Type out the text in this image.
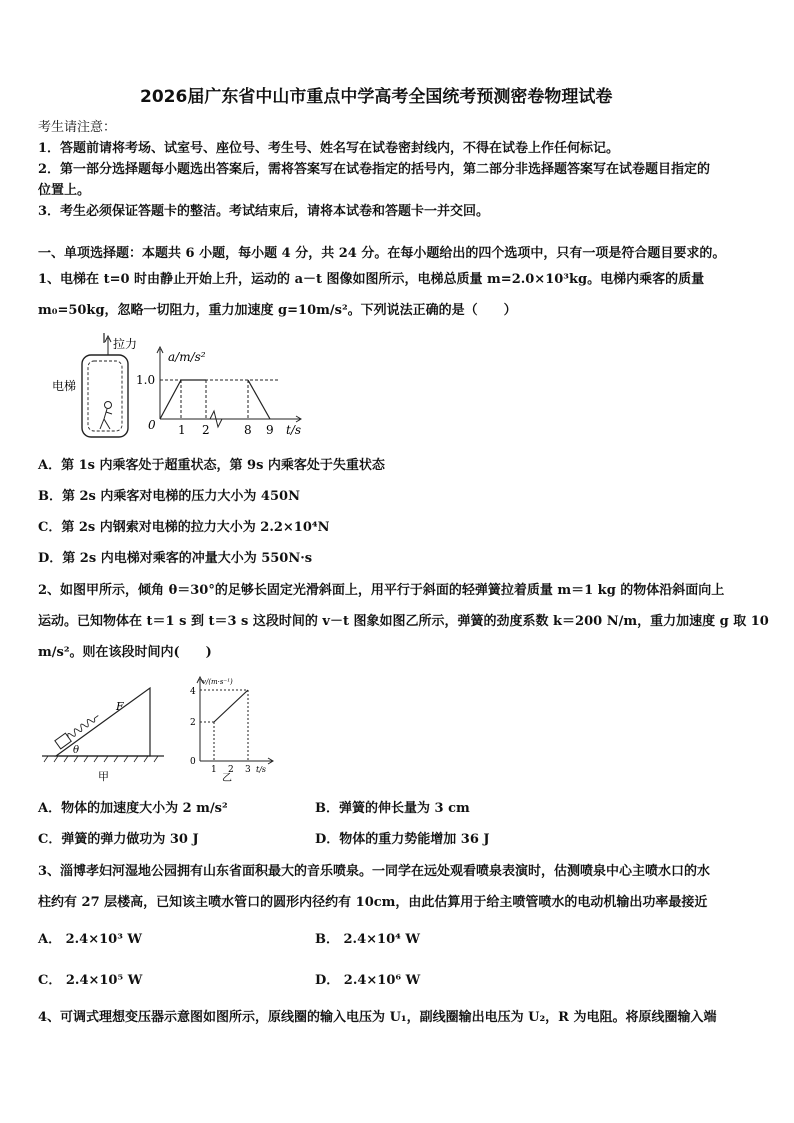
2026届广东省中山市重点中学高考全国统考预测密卷物理试卷
考生请注意：
1．答题前请将考场、试室号、座位号、考生号、姓名写在试卷密封线内，不得在试卷上作任何标记。
2．第一部分选择题每小题选出答案后，需将答案写在试卷指定的括号内，第二部分非选择题答案写在试卷题目指定的
位置上。
3．考生必须保证答题卡的整洁。考试结束后，请将本试卷和答题卡一并交回。
一、单项选择题：本题共 6 小题，每小题 4 分，共 24 分。在每小题给出的四个选项中，只有一项是符合题目要求的。
1、电梯在 t=0 时由静止开始上升，运动的 a－t 图像如图所示，电梯总质量 m=2.0×10³kg。电梯内乘客的质量
m₀=50kg，忽略一切阻力，重力加速度 g=10m/s²。下列说法正确的是（　　）
拉力
电梯
a/m/s²
1.0
0 1 2	8 9 t/s
A．第 1s 内乘客处于超重状态，第 9s 内乘客处于失重状态
B．第 2s 内乘客对电梯的压力大小为 450N
C．第 2s 内钢索对电梯的拉力大小为 2.2×10⁴N
D．第 2s 内电梯对乘客的冲量大小为 550N·s
2、如图甲所示，倾角 θ＝30°的足够长固定光滑斜面上，用平行于斜面的轻弹簧拉着质量 m＝1 kg 的物体沿斜面向上
运动。已知物体在 t＝1 s 到 t＝3 s 这段时间的 v－t 图象如图乙所示，弹簧的劲度系数 k＝200 N/m，重力加速度 g 取 10
m/s²。则在该段时间内(　　)
F
θ
甲
v/(m·s⁻¹)
4
2
0
1 2 3 t/s
乙
A．物体的加速度大小为 2 m/s²	B．弹簧的伸长量为 3 cm
C．弹簧的弹力做功为 30 J	D．物体的重力势能增加 36 J
3、淄博孝妇河湿地公园拥有山东省面积最大的音乐喷泉。一同学在远处观看喷泉表演时，估测喷泉中心主喷水口的水
柱约有 27 层楼高，已知该主喷水管口的圆形内径约有 10cm，由此估算用于给主喷管喷水的电动机输出功率最接近
A． 2.4×10³ W	B． 2.4×10⁴ W
C． 2.4×10⁵ W	D． 2.4×10⁶ W
4、可调式理想变压器示意图如图所示，原线圈的输入电压为 U₁，副线圈输出电压为 U₂，R 为电阻。将原线圈输入端
